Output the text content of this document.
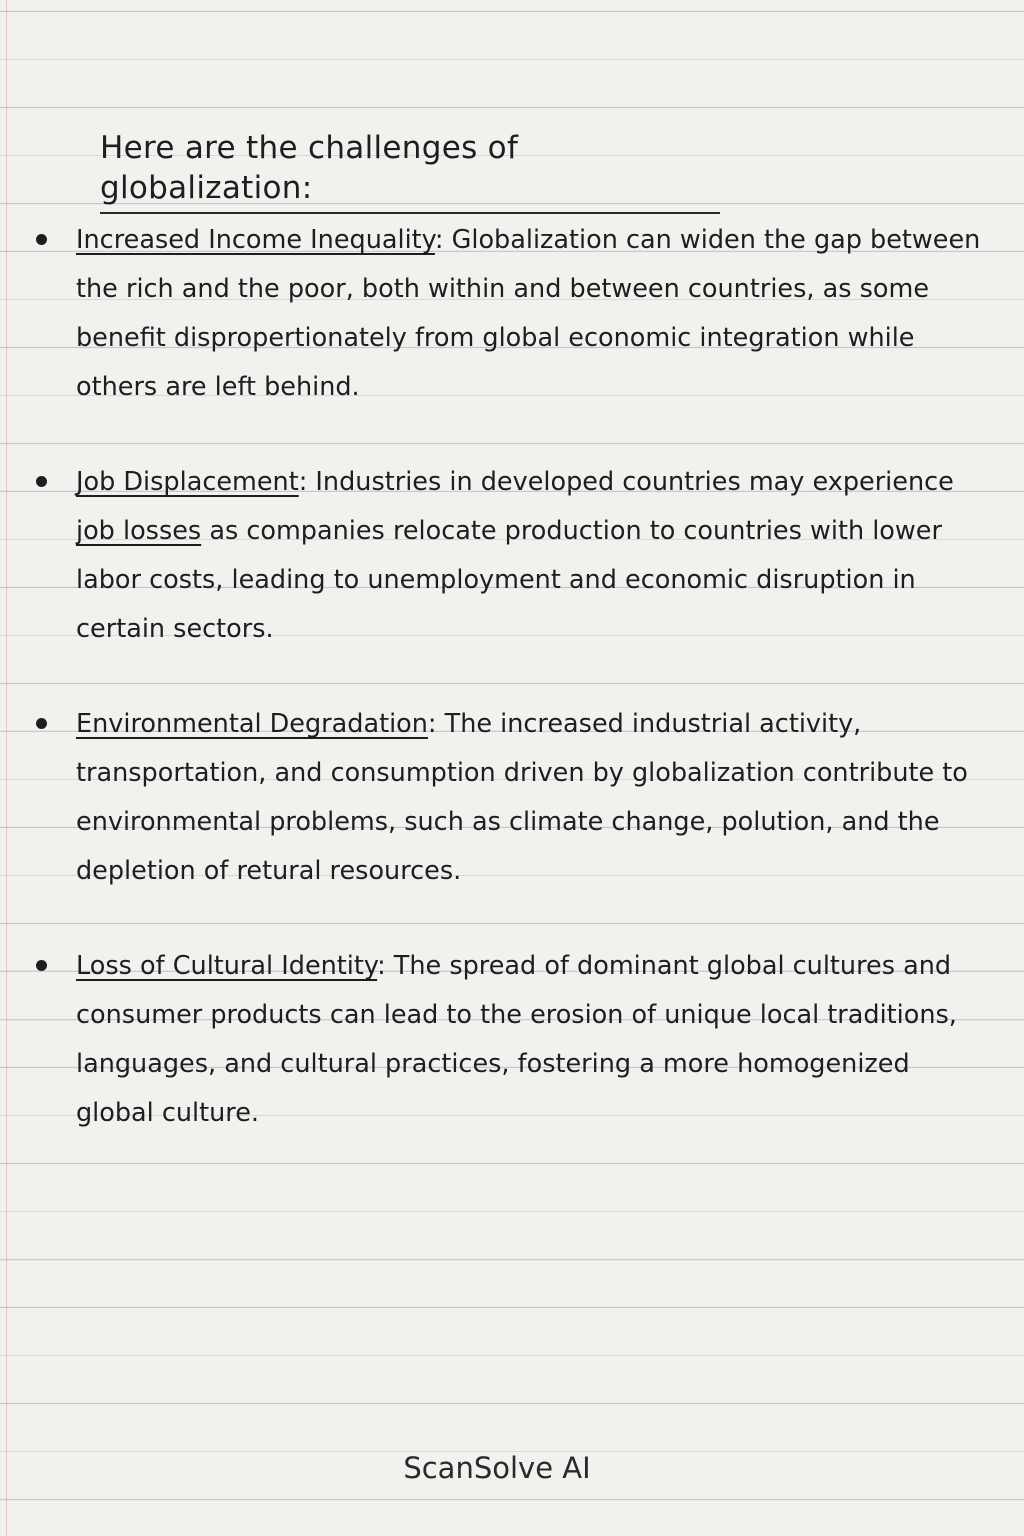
Here are the challenges of globalization:
Increased Income Inequality: Globalization can widen the gap between the rich and the poor, both within and between countries, as some benefit dispropertionately from global economic integration while others are left behind.
Job Displacement: Industries in developed countries may experience job losses as companies relocate production to countries with lower labor costs, leading to unemployment and economic disruption in certain sectors.
Environmental Degradation: The increased industrial activity, transportation, and consumption driven by globalization contribute to environmental problems, such as climate change, polution, and the depletion of retural resources.
Loss of Cultural Identity: The spread of dominant global cultures and consumer products can lead to the erosion of unique local traditions, languages, and cultural practices, fostering a more homogenized global culture.
ScanSolve AI
